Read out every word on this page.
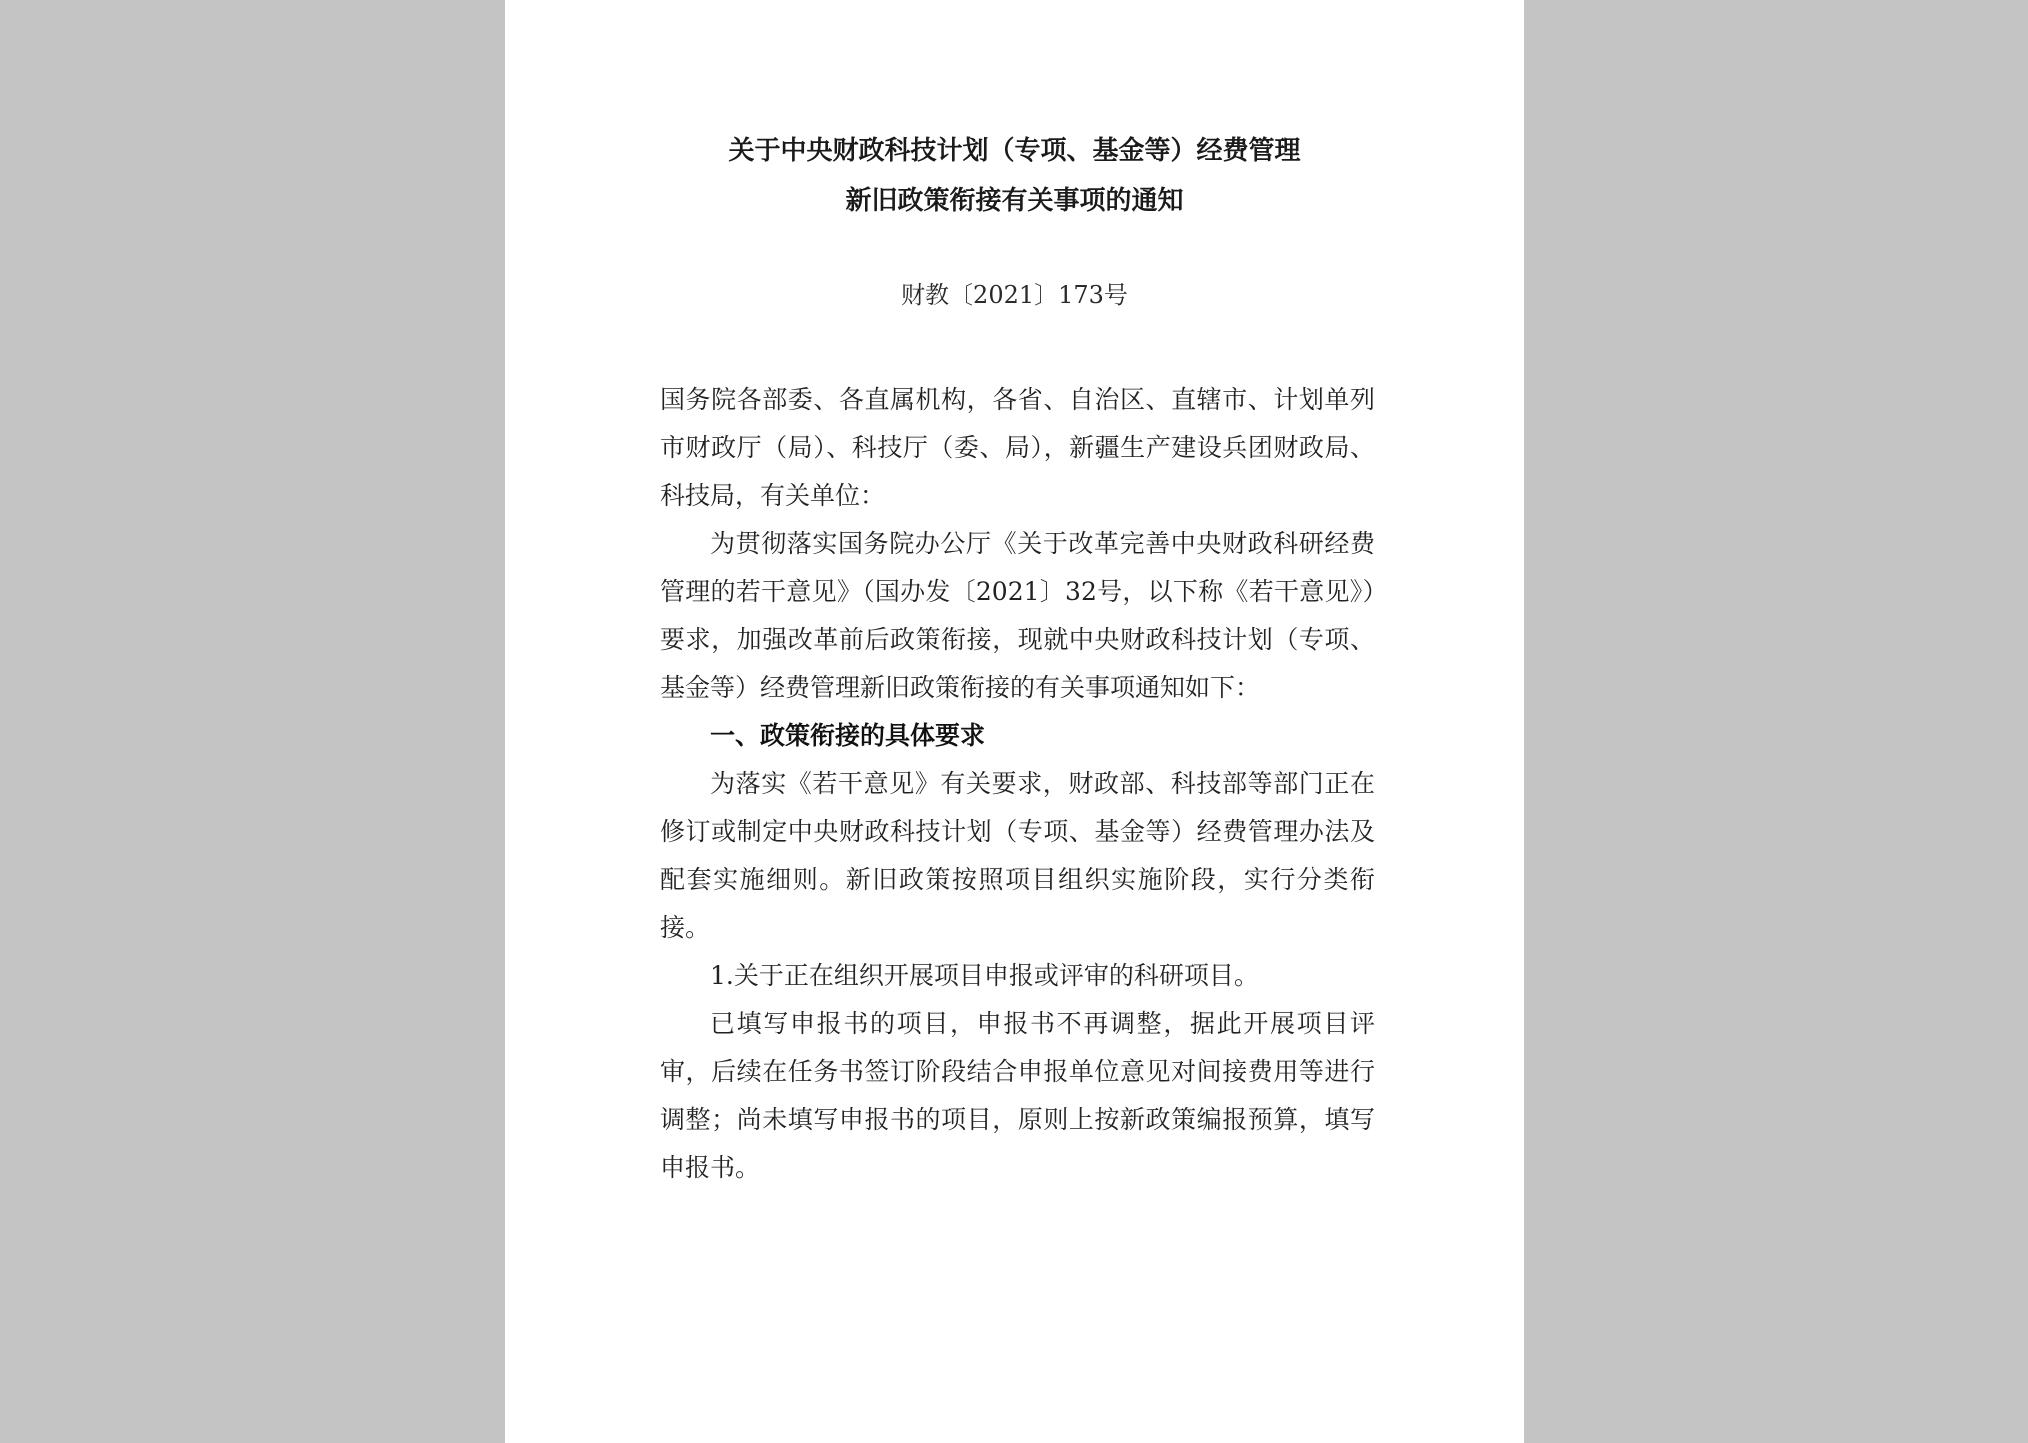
关于中央财政科技计划（专项、基金等）经费管理
新旧政策衔接有关事项的通知
财教〔2021〕173号

国务院各部委、各直属机构，各省、自治区、直辖市、计划单列市财政厅（局）、科技厅（委、局），新疆生产建设兵团财政局、科技局，有关单位：

为贯彻落实国务院办公厅《关于改革完善中央财政科研经费管理的若干意见》（国办发〔2021〕32号，以下称《若干意见》）要求，加强改革前后政策衔接，现就中央财政科技计划（专项、基金等）经费管理新旧政策衔接的有关事项通知如下：

一、政策衔接的具体要求

为落实《若干意见》有关要求，财政部、科技部等部门正在修订或制定中央财政科技计划（专项、基金等）经费管理办法及配套实施细则。新旧政策按照项目组织实施阶段，实行分类衔接。

1.关于正在组织开展项目申报或评审的科研项目。

已填写申报书的项目，申报书不再调整，据此开展项目评审，后续在任务书签订阶段结合申报单位意见对间接费用等进行调整；尚未填写申报书的项目，原则上按新政策编报预算，填写申报书。
